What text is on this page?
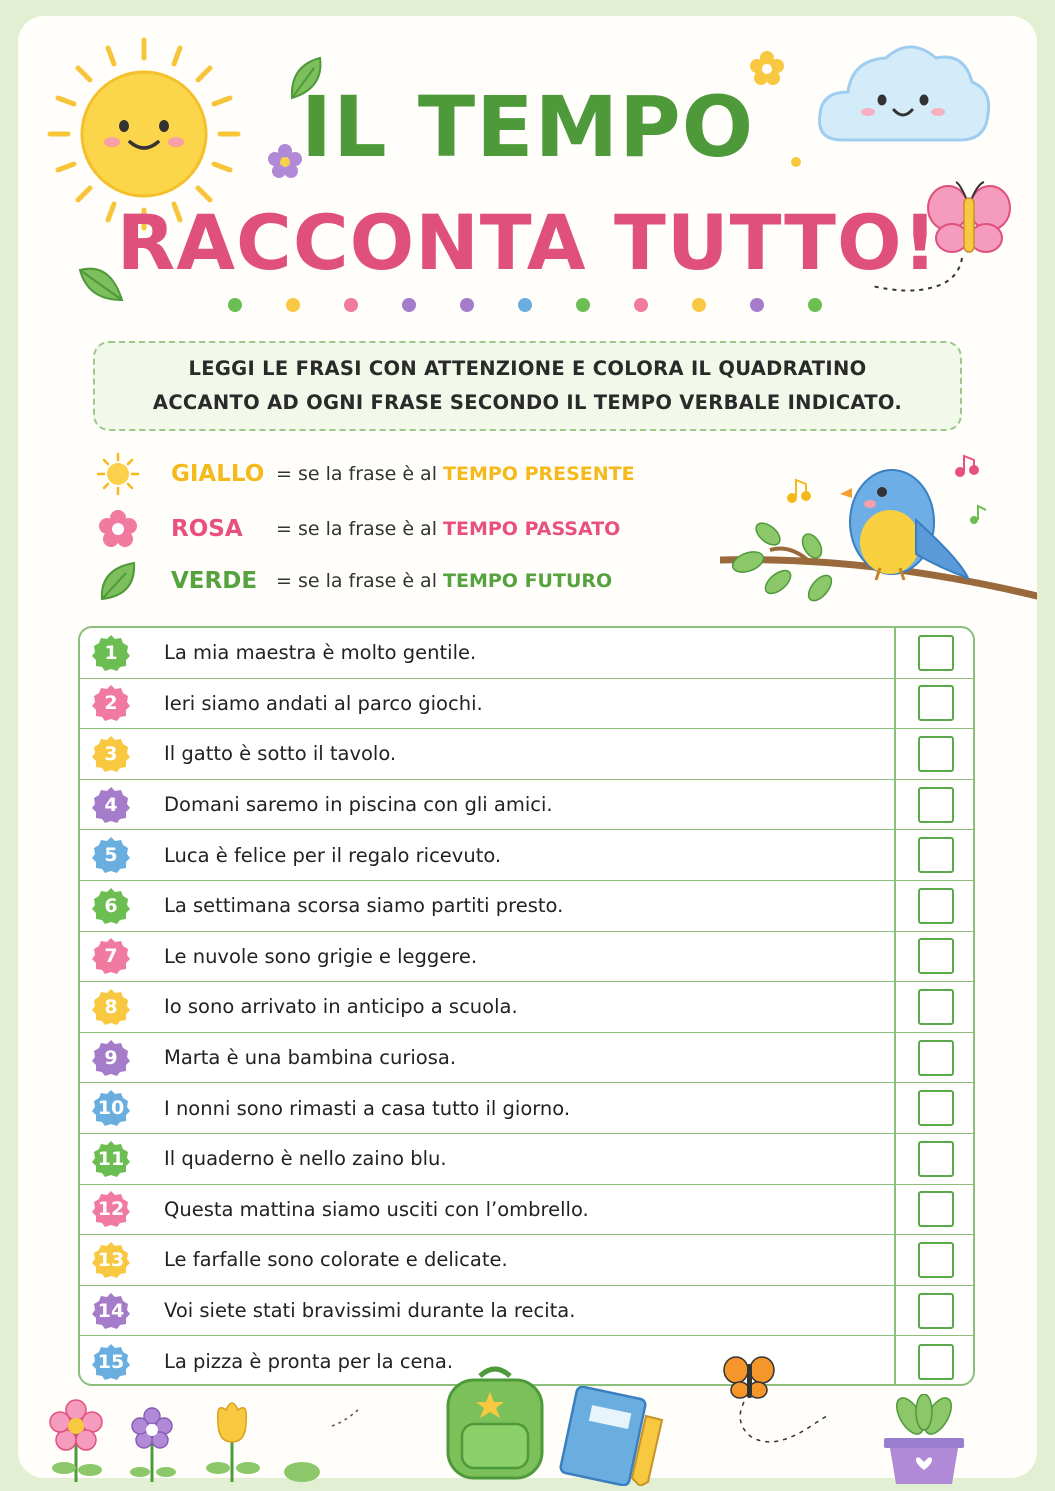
IL TEMPO
RACCONTA TUTTO!
LEGGI LE FRASI CON ATTENZIONE E COLORA IL QUADRATINO
ACCANTO AD OGNI FRASE SECONDO IL TEMPO VERBALE INDICATO.
GIALLO = se la frase è al TEMPO PRESENTE
ROSA	= se la frase è al TEMPO PASSATO
VERDE = se la frase è al TEMPO FUTURO
1 La mia maestra è molto gentile.
2 Ieri siamo andati al parco giochi.
3 Il gatto è sotto il tavolo.
4 Domani saremo in piscina con gli amici.
5 Luca è felice per il regalo ricevuto.
6 La settimana scorsa siamo partiti presto.
7 Le nuvole sono grigie e leggere.
8 Io sono arrivato in anticipo a scuola.
9 Marta è una bambina curiosa.
10 I nonni sono rimasti a casa tutto il giorno.
11 Il quaderno è nello zaino blu.
12 Questa mattina siamo usciti con l’ombrello.
13 Le farfalle sono colorate e delicate.
14 Voi siete stati bravissimi durante la recita.
15 La pizza è pronta per la cena.
